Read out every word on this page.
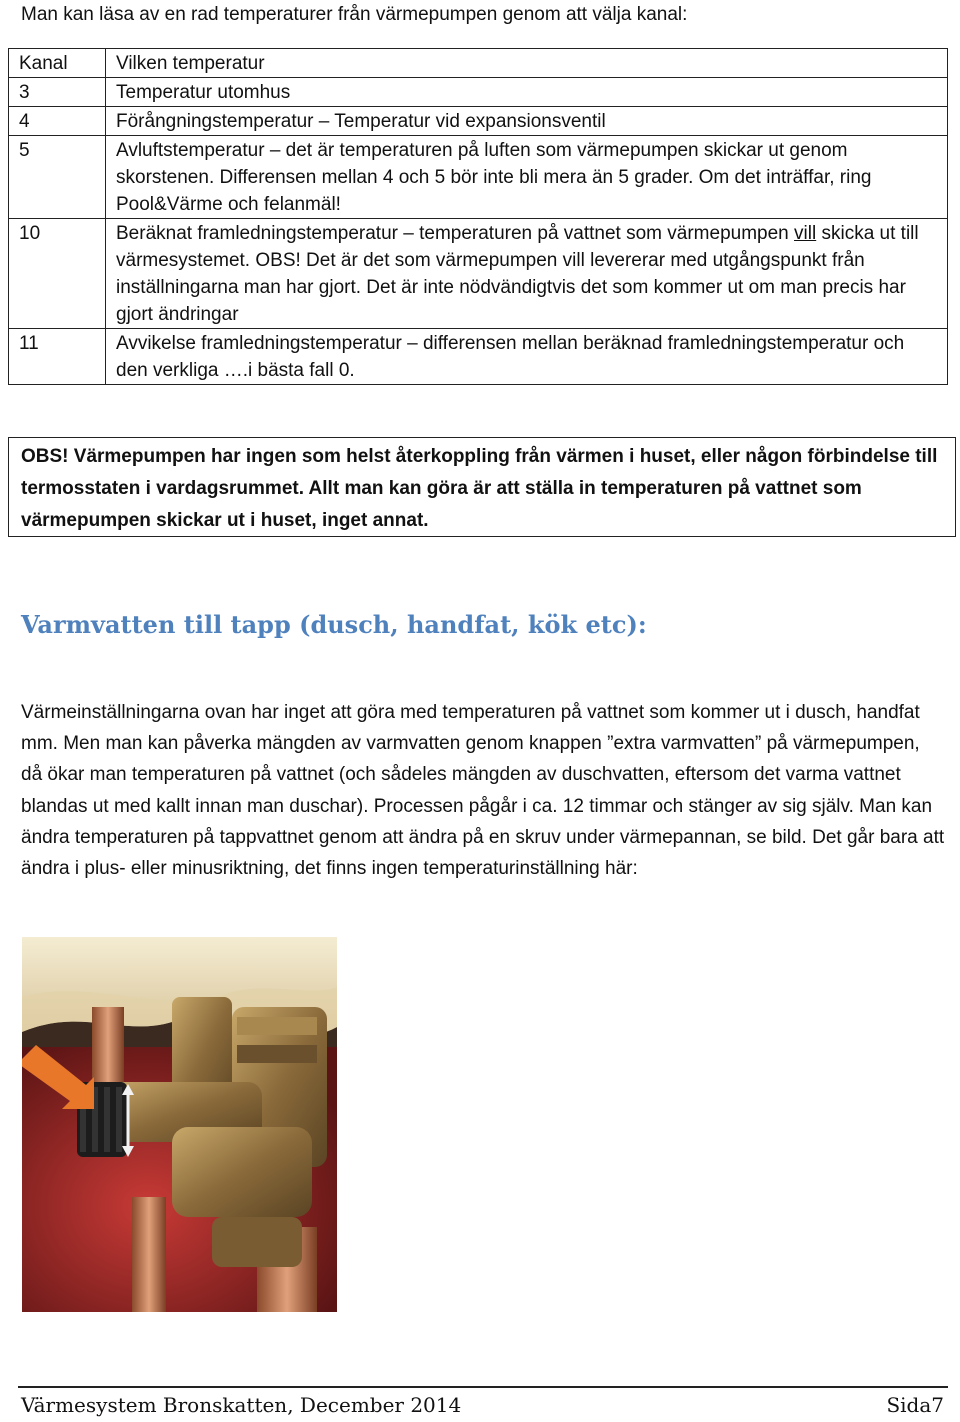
Man kan läsa av en rad temperaturer från värmepumpen genom att välja kanal:
Kanal	Vilken temperatur
3	Temperatur utomhus
4	Förångningstemperatur – Temperatur vid expansionsventil
5	Avluftstemperatur – det är temperaturen på luften som värmepumpen skickar ut genom skorstenen. Differensen mellan 4 och 5 bör inte bli mera än 5 grader. Om det inträffar, ring Pool&Värme och felanmäl!
10	Beräknat framledningstemperatur – temperaturen på vattnet som värmepumpen vill skicka ut till värmesystemet. OBS! Det är det som värmepumpen vill levererar med utgångspunkt från inställningarna man har gjort. Det är inte nödvändigtvis det som kommer ut om man precis har gjort ändringar
11	Avvikelse framledningstemperatur – differensen mellan beräknad framledningstemperatur och den verkliga ….i bästa fall 0.
OBS! Värmepumpen har ingen som helst återkoppling från värmen i huset, eller någon förbindelse till termosstaten i vardagsrummet. Allt man kan göra är att ställa in temperaturen på vattnet som värmepumpen skickar ut i huset, inget annat.
Varmvatten till tapp (dusch, handfat, kök etc):
Värmeinställningarna ovan har inget att göra med temperaturen på vattnet som kommer ut i dusch, handfat mm. Men man kan påverka mängden av varmvatten genom knappen ”extra varmvatten” på värmepumpen, då ökar man temperaturen på vattnet (och sådeles mängden av duschvatten, eftersom det varma vattnet blandas ut med kallt innan man duschar). Processen pågår i ca. 12 timmar och stänger av sig själv. Man kan ändra temperaturen på tappvattnet genom att ändra på en skruv under värmepannan, se bild. Det går bara att ändra i plus- eller minusriktning, det finns ingen temperaturinställning här:
Värmesystem Bronskatten, December 2014	Sida7
